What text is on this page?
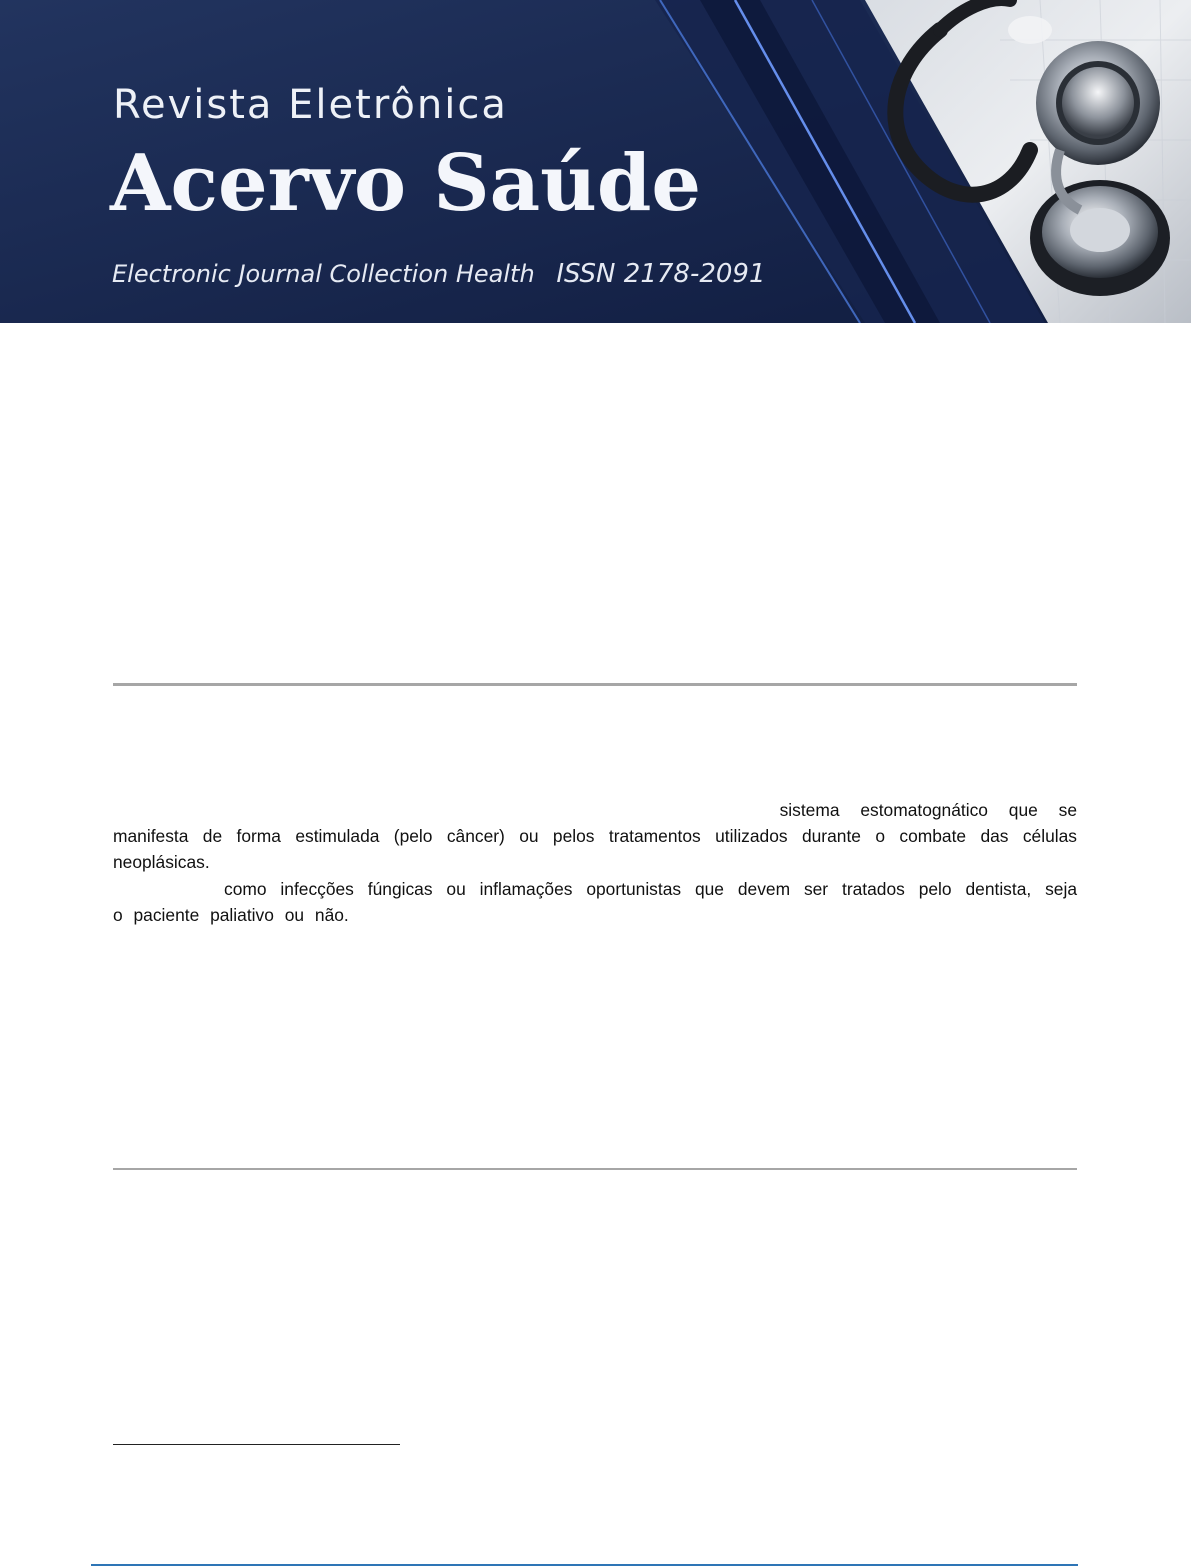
Revista Eletrônica
Acervo Saúde
Electronic Journal Collection Health ISSN 2178-2091
sistema estomatognático que se
manifesta de forma estimulada (pelo câncer) ou pelos tratamentos utilizados durante o combate das células
neoplásicas.
como infecções fúngicas ou inflamações oportunistas que devem ser tratados pelo dentista, seja
o paciente paliativo ou não.
